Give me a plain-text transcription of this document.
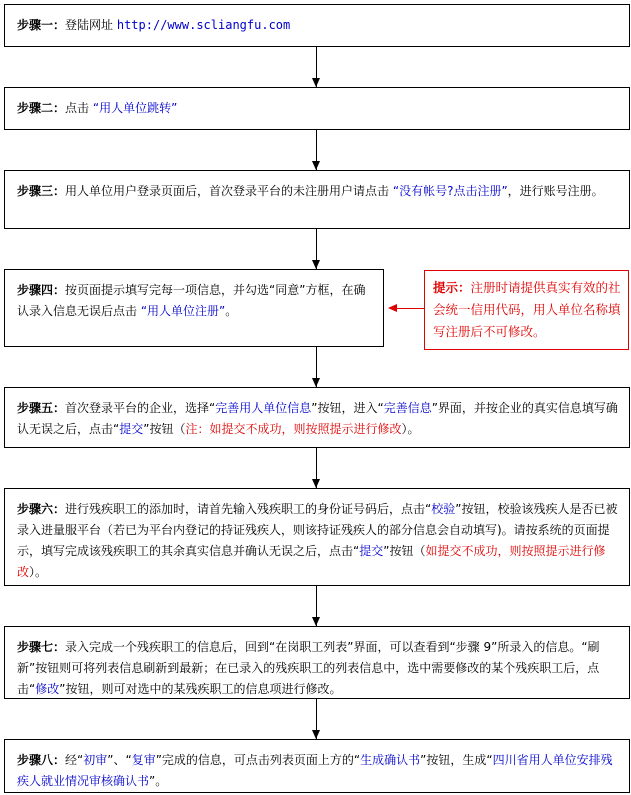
步骤一：登陆网址 http://www.scliangfu.com
步骤二：点击 “用人单位跳转”
步骤三：用人单位用户登录页面后，首次登录平台的未注册用户请点击 “没有帐号?点击注册”，进行账号注册。
步骤四：按页面提示填写完每一项信息，并勾选“同意”方框，在确认录入信息无误后点击 “用人单位注册”。
提示：注册时请提供真实有效的社会统一信用代码，用人单位名称填写注册后不可修改。
步骤五：首次登录平台的企业，选择“完善用人单位信息”按钮，进入“完善信息”界面，并按企业的真实信息填写确认无误之后，点击“提交”按钮（注：如提交不成功，则按照提示进行修改）。
步骤六：进行残疾职工的添加时，请首先输入残疾职工的身份证号码后，点击“校验”按钮，校验该残疾人是否已被录入进量服平台（若已为平台内登记的持证残疾人，则该持证残疾人的部分信息会自动填写)。请按系统的页面提示，填写完成该残疾职工的其余真实信息并确认无误之后，点击“提交”按钮（如提交不成功，则按照提示进行修改）。
步骤七：录入完成一个残疾职工的信息后，回到“在岗职工列表”界面，可以查看到“步骤 9”所录入的信息。“刷新”按钮则可将列表信息刷新到最新；在已录入的残疾职工的列表信息中，选中需要修改的某个残疾职工后，点击“修改”按钮，则可对选中的某残疾职工的信息项进行修改。
步骤八：经“初审”、“复审”完成的信息，可点击列表页面上方的“生成确认书”按钮，生成“四川省用人单位安排残疾人就业情况审核确认书”。
